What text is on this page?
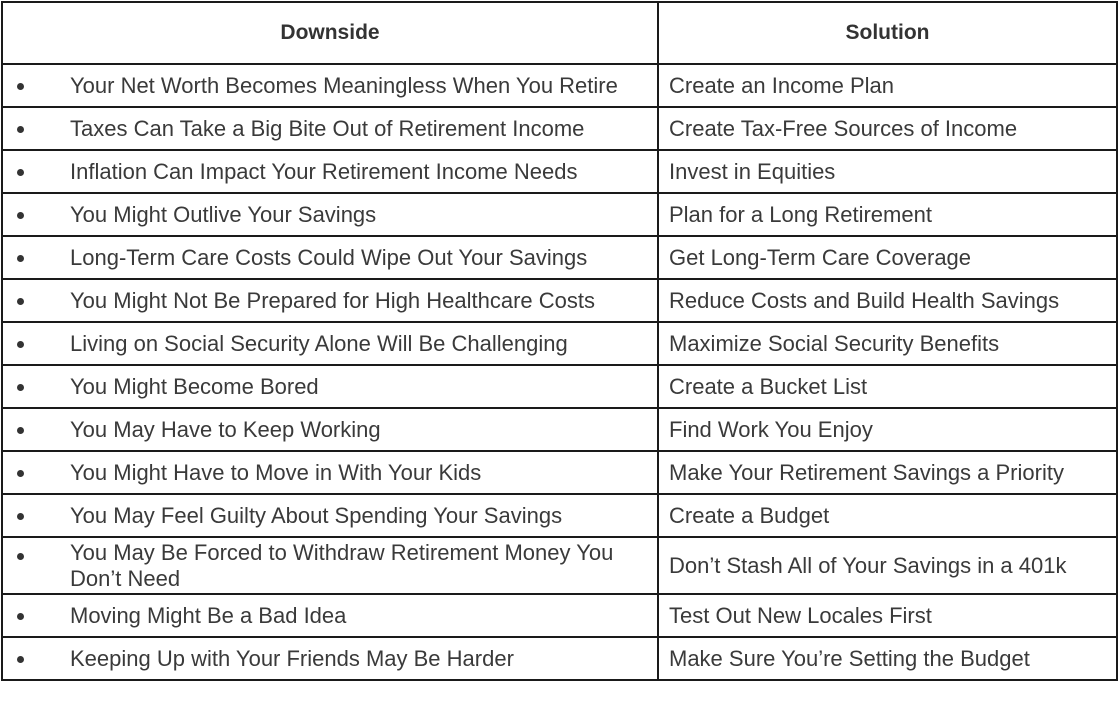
Downside	Solution

Your Net Worth Becomes Meaningless When You Retire	Create an Income Plan

Taxes Can Take a Big Bite Out of Retirement Income	Create Tax-Free Sources of Income

Inflation Can Impact Your Retirement Income Needs	Invest in Equities

You Might Outlive Your Savings	Plan for a Long Retirement

Long-Term Care Costs Could Wipe Out Your Savings	Get Long-Term Care Coverage

You Might Not Be Prepared for High Healthcare Costs	Reduce Costs and Build Health Savings

Living on Social Security Alone Will Be Challenging	Maximize Social Security Benefits

You Might Become Bored	Create a Bucket List

You May Have to Keep Working	Find Work You Enjoy

You Might Have to Move in With Your Kids	Make Your Retirement Savings a Priority

You May Feel Guilty About Spending Your Savings	Create a Budget

You May Be Forced to Withdraw Retirement Money You Don’t Need	Don’t Stash All of Your Savings in a 401k

Moving Might Be a Bad Idea	Test Out New Locales First

Keeping Up with Your Friends May Be Harder	Make Sure You’re Setting the Budget
